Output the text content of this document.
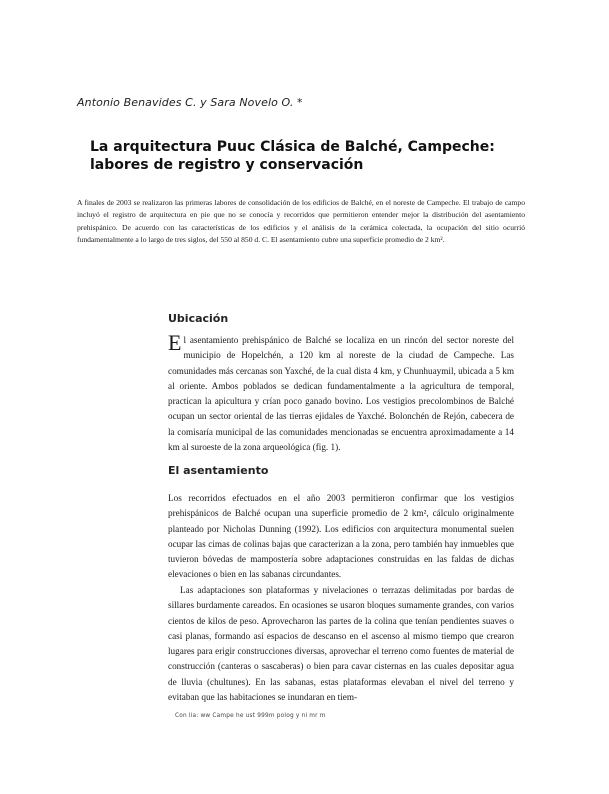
Antonio Benavides C. y Sara Novelo O. *
La arquitectura Puuc Clásica de Balché, Campeche: labores de registro y conservación

A finales de 2003 se realizaron las primeras labores de consolidación de los edificios de Balché, en el noreste de Campeche. El trabajo de campo incluyó el registro de arquitectura en pie que no se conocía y recorridos que permitieron entender mejor la distribución del asentamiento prehispánico. De acuerdo con las características de los edificios y el análisis de la cerámica colectada, la ocupación del sitio ocurrió fundamentalmente a lo largo de tres siglos, del 550 al 850 d. C. El asentamiento cubre una superficie promedio de 2 km².

Ubicación

El asentamiento prehispánico de Balché se localiza en un rincón del sector noreste del municipio de Hopelchén, a 120 km al noreste de la ciudad de Campeche. Las comunidades más cercanas son Yaxché, de la cual dista 4 km, y Chunhuaymil, ubicada a 5 km al oriente. Ambos poblados se dedican fundamentalmente a la agricultura de temporal, practican la apicultura y crían poco ganado bovino. Los vestigios precolombinos de Balché ocupan un sector oriental de las tierras ejidales de Yaxché. Bolonchén de Rejón, cabecera de la comisaría municipal de las comunidades mencionadas se encuentra aproximadamente a 14 km al suroeste de la zona arqueológica (fig. 1).

El asentamiento

Los recorridos efectuados en el año 2003 permitieron confirmar que los vestigios prehispánicos de Balché ocupan una superficie promedio de 2 km², cálculo originalmente planteado por Nicholas Dunning (1992). Los edificios con arquitectura monumental suelen ocupar las cimas de colinas bajas que caracterizan a la zona, pero también hay inmuebles que tuvieron bóvedas de mampostería sobre adaptaciones construidas en las faldas de dichas elevaciones o bien en las sabanas circundantes.

Las adaptaciones son plataformas y nivelaciones o terrazas delimitadas por bardas de sillares burdamente careados. En ocasiones se usaron bloques sumamente grandes, con varios cientos de kilos de peso. Aprovecharon las partes de la colina que tenían pendientes suaves o casi planas, formando así espacios de descanso en el ascenso al mismo tiempo que crearon lugares para erigir construcciones diversas, aprovechar el terreno como fuentes de material de construcción (canteras o sascaberas) o bien para cavar cisternas en las cuales depositar agua de lluvia (chultunes). En las sabanas, estas plataformas elevaban el nivel del terreno y evitaban que las habitaciones se inundaran en tiem-

Con lia: ww Campe he ust 999m polog y ni mr m
